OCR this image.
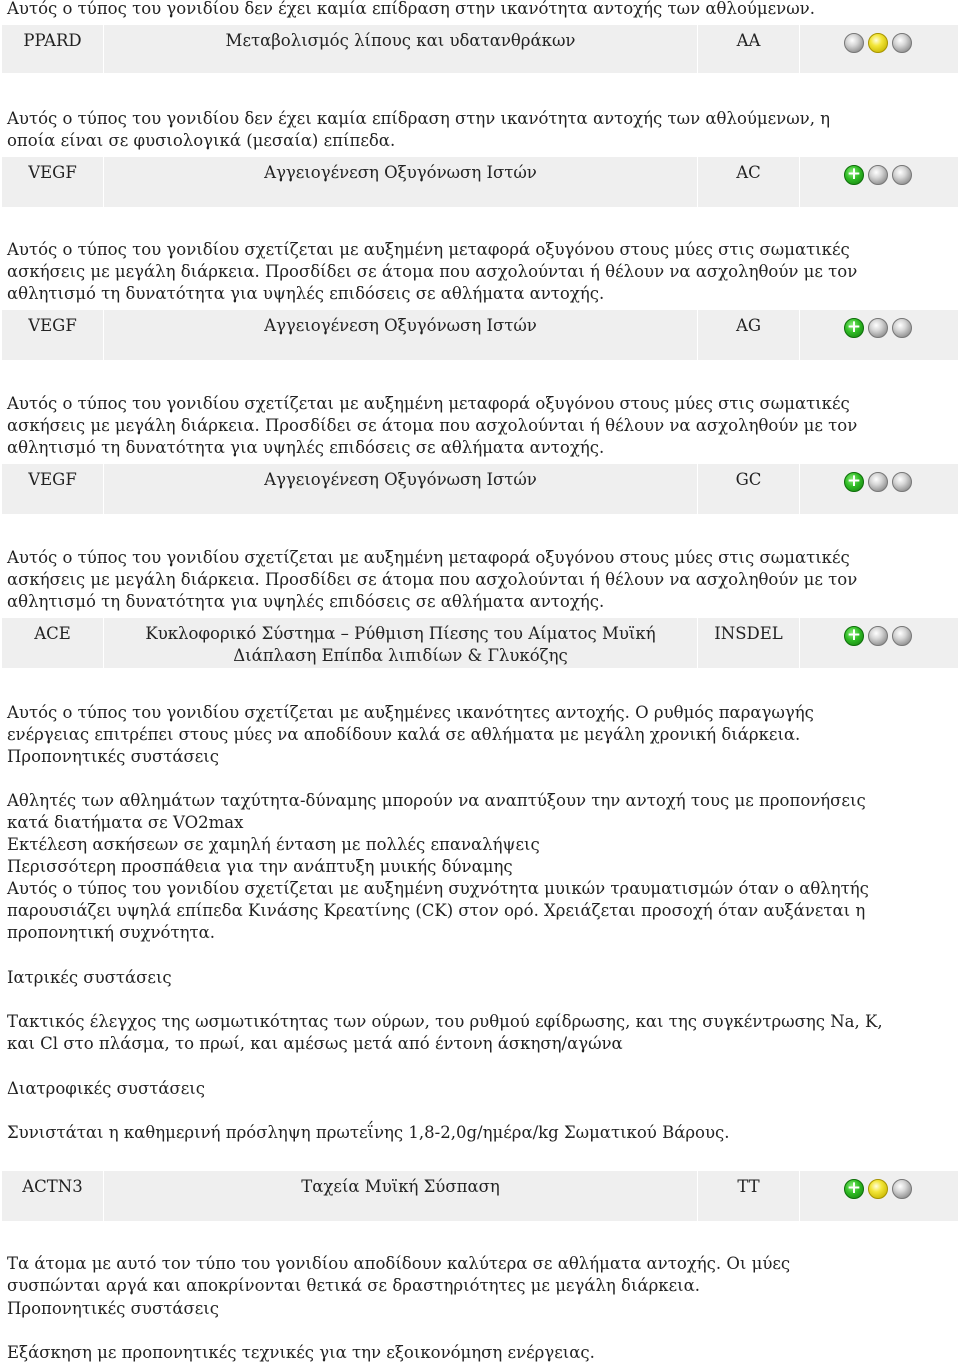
Αυτός ο τύπος του γονιδίου δεν έχει καμία επίδραση στην ικανότητα αντοχής των αθλούμενων.

PPARD	Μεταβολισμός λίπους και υδατανθράκων	AA

Αυτός ο τύπος του γονιδίου δεν έχει καμία επίδραση στην ικανότητα αντοχής των αθλούμενων, η

οποία είναι σε φυσιολογικά (μεσαία) επίπεδα.

VEGF	Αγγειογένεση Οξυγόνωση Ιστών	AC	+

Αυτός ο τύπος του γονιδίου σχετίζεται με αυξημένη μεταφορά οξυγόνου στους μύες στις σωματικές

ασκήσεις με μεγάλη διάρκεια. Προσδίδει σε άτομα που ασχολούνται ή θέλουν να ασχοληθούν με τον

αθλητισμό τη δυνατότητα για υψηλές επιδόσεις σε αθλήματα αντοχής.

VEGF	Αγγειογένεση Οξυγόνωση Ιστών	AG	+

Αυτός ο τύπος του γονιδίου σχετίζεται με αυξημένη μεταφορά οξυγόνου στους μύες στις σωματικές

ασκήσεις με μεγάλη διάρκεια. Προσδίδει σε άτομα που ασχολούνται ή θέλουν να ασχοληθούν με τον

αθλητισμό τη δυνατότητα για υψηλές επιδόσεις σε αθλήματα αντοχής.

VEGF	Αγγειογένεση Οξυγόνωση Ιστών	GC	+

Αυτός ο τύπος του γονιδίου σχετίζεται με αυξημένη μεταφορά οξυγόνου στους μύες στις σωματικές

ασκήσεις με μεγάλη διάρκεια. Προσδίδει σε άτομα που ασχολούνται ή θέλουν να ασχοληθούν με τον

αθλητισμό τη δυνατότητα για υψηλές επιδόσεις σε αθλήματα αντοχής.

ACE	Κυκλοφορικό Σύστημα – Ρύθμιση Πίεσης του Αίματος Μυϊκή
Διάπλαση Επίπδα λιπιδίων & Γλυκόζης
INSDEL	+

Αυτός ο τύπος του γονιδίου σχετίζεται με αυξημένες ικανότητες αντοχής. Ο ρυθμός παραγωγής

ενέργειας επιτρέπει στους μύες να αποδίδουν καλά σε αθλήματα με μεγάλη χρονική διάρκεια.

Προπονητικές συστάσεις

Αθλητές των αθλημάτων ταχύτητα-δύναμης μπορούν να αναπτύξουν την αντοχή τους με προπονήσεις

κατά διατήματα σε VO2max

Εκτέλεση ασκήσεων σε χαμηλή ένταση με πολλές επαναλήψεις

Περισσότερη προσπάθεια για την ανάπτυξη μυικής δύναμης

Αυτός ο τύπος του γονιδίου σχετίζεται με αυξημένη συχνότητα μυικών τραυματισμών όταν ο αθλητής

παρουσιάζει υψηλά επίπεδα Κινάσης Κρεατίνης (CK) στον ορό. Χρειάζεται προσοχή όταν αυξάνεται η

προπονητική συχνότητα.

Ιατρικές συστάσεις

Τακτικός έλεγχος της ωσμωτικότητας των ούρων, του ρυθμού εφίδρωσης, και της συγκέντρωσης Na, K,

και Cl στο πλάσμα, το πρωί, και αμέσως μετά από έντονη άσκηση/αγώνα

Διατροφικές συστάσεις

Συνιστάται η καθημερινή πρόσληψη πρωτεΐνης 1,8-2,0g/ημέρα/kg Σωματικού Βάρους.

ACTN3	Ταχεία Μυϊκή Σύσπαση	TT	+

Τα άτομα με αυτό τον τύπο του γονιδίου αποδίδουν καλύτερα σε αθλήματα αντοχής. Οι μύες

συσπώνται αργά και αποκρίνονται θετικά σε δραστηριότητες με μεγάλη διάρκεια.

Προπονητικές συστάσεις

Εξάσκηση με προπονητικές τεχνικές για την εξοικονόμηση ενέργειας.
